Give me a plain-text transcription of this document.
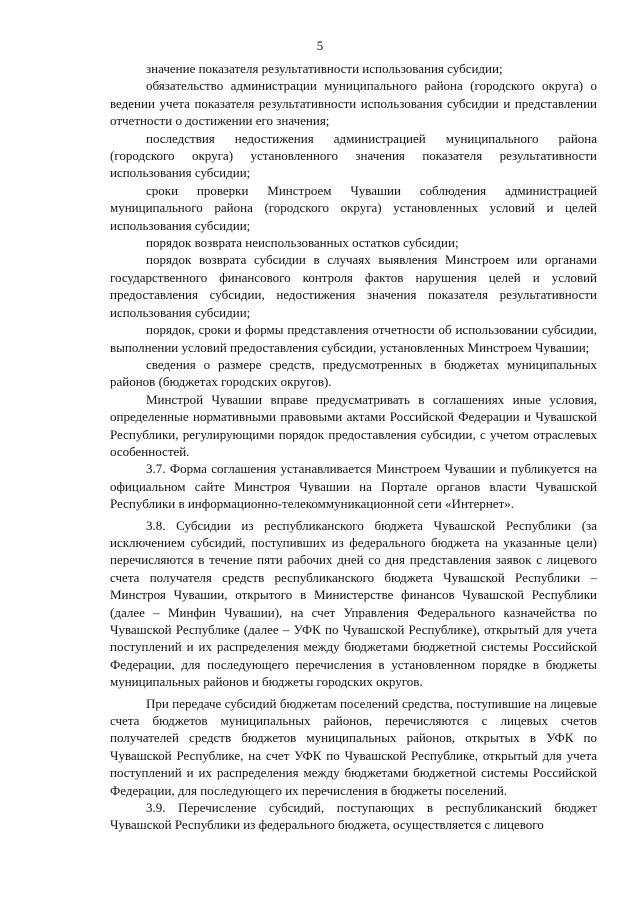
5

значение показателя результативности использования субсидии;

обязательство администрации муниципального района (городского округа) о ведении учета показателя результативности использования субсидии и представлении отчетности о достижении его значения;

последствия недостижения администрацией муниципального района (городского округа) установленного значения показателя результативности использования субсидии;

сроки проверки Минстроем Чувашии соблюдения администрацией муниципального района (городского округа) установленных условий и целей использования субсидии;

порядок возврата неиспользованных остатков субсидии;

порядок возврата субсидии в случаях выявления Минстроем или органами государственного финансового контроля фактов нарушения целей и условий предоставления субсидии, недостижения значения показателя результативности использования субсидии;

порядок, сроки и формы представления отчетности об использовании субсидии, выполнении условий предоставления субсидии, установленных Минстроем Чувашии;

сведения о размере средств, предусмотренных в бюджетах муниципальных районов (бюджетах городских округов).

Минстрой Чувашии вправе предусматривать в соглашениях иные условия, определенные нормативными правовыми актами Российской Федерации и Чувашской Республики, регулирующими порядок предоставления субсидии, с учетом отраслевых особенностей.

3.7. Форма соглашения устанавливается Минстроем Чувашии и публикуется на официальном сайте Минстроя Чувашии на Портале органов власти Чувашской Республики в информационно-телекоммуникационной сети «Интернет».

3.8. Субсидии из республиканского бюджета Чувашской Республики (за исключением субсидий, поступивших из федерального бюджета на указанные цели) перечисляются в течение пяти рабочих дней со дня представления заявок с лицевого счета получателя средств республиканского бюджета Чувашской Республики – Минстроя Чувашии, открытого в Министерстве финансов Чувашской Республики (далее – Минфин Чувашии), на счет Управления Федерального казначейства по Чувашской Республике (далее – УФК по Чувашской Республике), открытый для учета поступлений и их распределения между бюджетами бюджетной системы Российской Федерации, для последующего перечисления в установленном порядке в бюджеты муниципальных районов и бюджеты городских округов.

При передаче субсидий бюджетам поселений средства, поступившие на лицевые счета бюджетов муниципальных районов, перечисляются с лицевых счетов получателей средств бюджетов муниципальных районов, открытых в УФК по Чувашской Республике, на счет УФК по Чувашской Республике, открытый для учета поступлений и их распределения между бюджетами бюджетной системы Российской Федерации, для последующего их перечисления в бюджеты поселений.

3.9. Перечисление субсидий, поступающих в республиканский бюджет Чувашской Республики из федерального бюджета, осуществляется с лицевого
